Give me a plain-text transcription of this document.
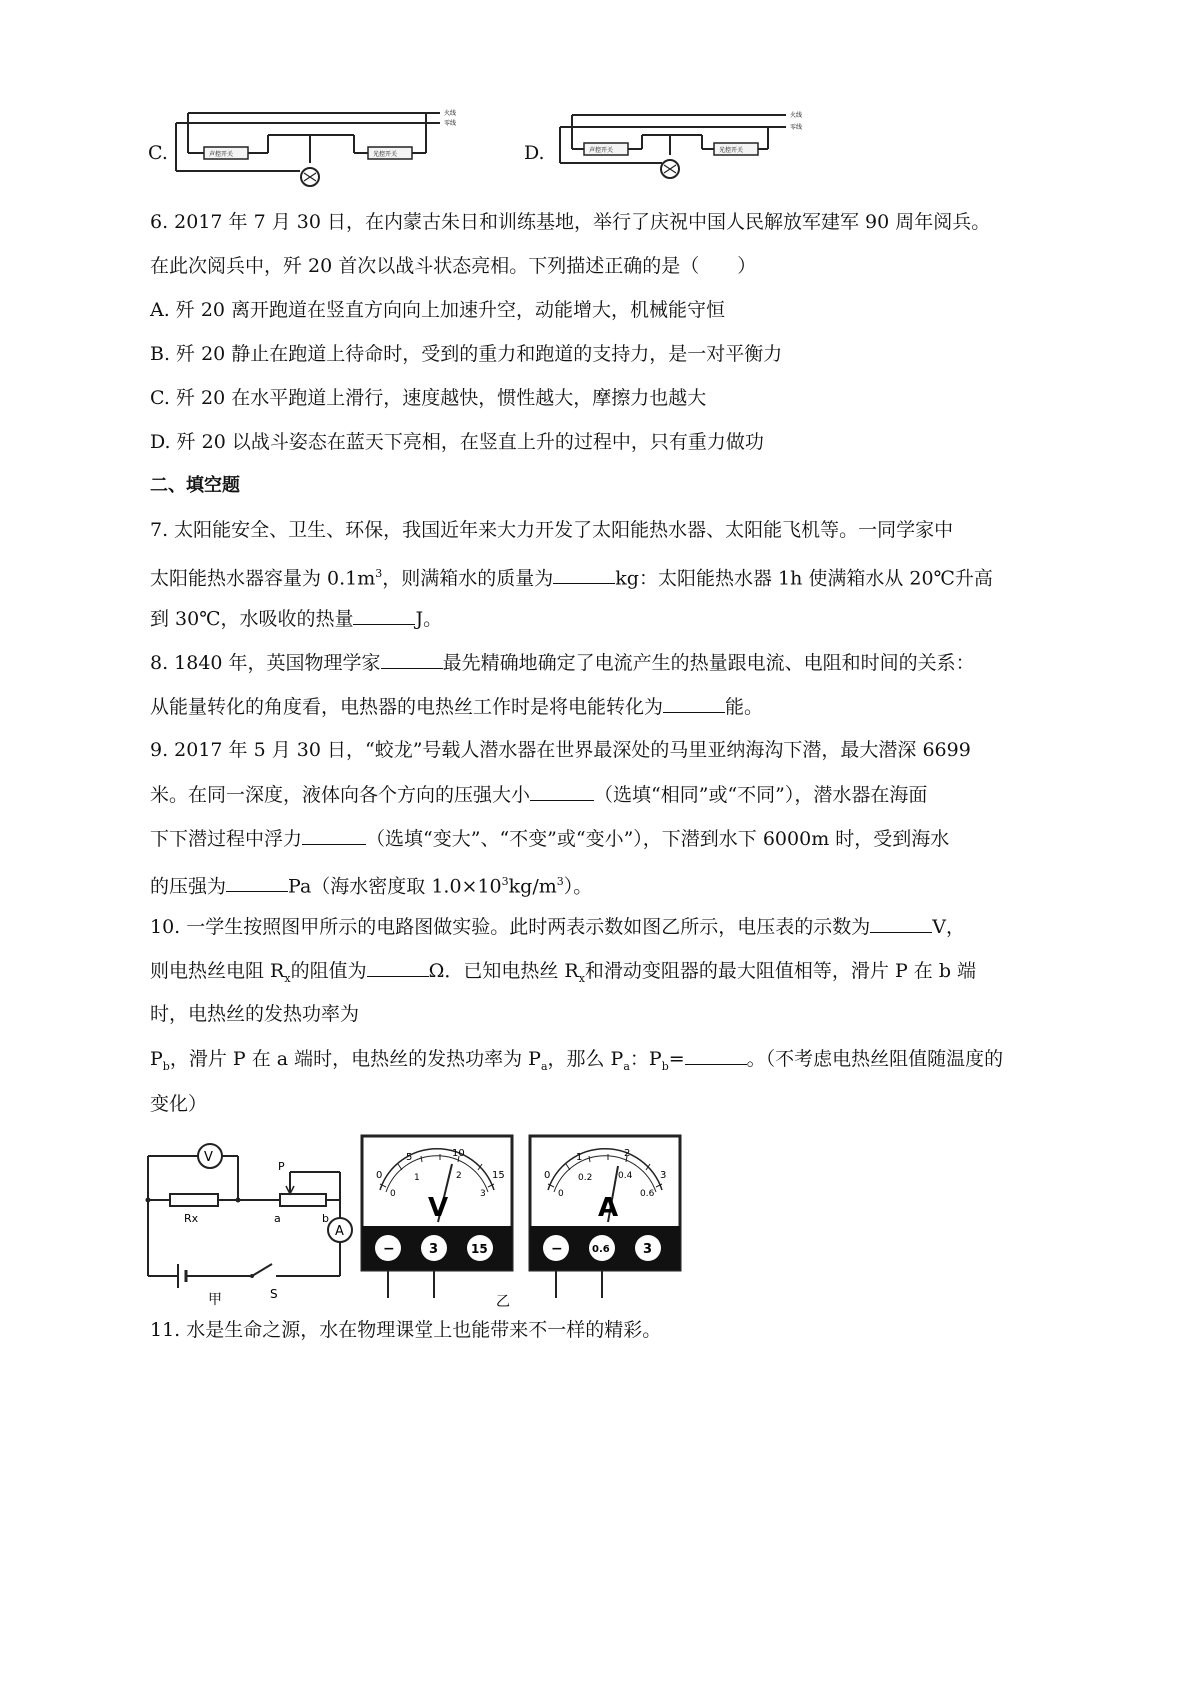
C.
火线
零线
声控开关	光控开关	D.
火线
零线
声控开关	光控开关
6. 2017 年 7 月 30 日，在内蒙古朱日和训练基地，举行了庆祝中国人民解放军建军 90 周年阅兵。
在此次阅兵中，歼 20 首次以战斗状态亮相。下列描述正确的是（　　）
A. 歼 20 离开跑道在竖直方向向上加速升空，动能增大，机械能守恒
B. 歼 20 静止在跑道上待命时，受到的重力和跑道的支持力，是一对平衡力
C. 歼 20 在水平跑道上滑行，速度越快，惯性越大，摩擦力也越大
D. 歼 20 以战斗姿态在蓝天下亮相，在竖直上升的过程中，只有重力做功
二、填空题
7. 太阳能安全、卫生、环保，我国近年来大力开发了太阳能热水器、太阳能飞机等。一同学家中
太阳能热水器容量为 $0.1m^3$，则满箱水的质量为	kg：太阳能热水器 1h 使满箱水从 20℃升高
到 30℃，水吸收的热量	J。
8. 1840 年，英国物理学家	最先精确地确定了电流产生的热量跟电流、电阻和时间的关系：
从能量转化的角度看，电热器的电热丝工作时是将电能转化为	能。
9. 2017 年 5 月 30 日，“蛟龙”号载人潜水器在世界最深处的马里亚纳海沟下潜，最大潜深 6699
米。在同一深度，液体向各个方向的压强大小	（选填“相同”或“不同”），潜水器在海面
下下潜过程中浮力	（选填“变大”、“不变”或“变小”），下潜到水下 6000m 时，受到海水
的压强为	Pa（海水密度取 $1.0\times 10^3kg/m^3$）。
10. 一学生按照图甲所示的电路图做实验。此时两表示数如图乙所示，电压表的示数为	V，
则电热丝电阻 $R_x$的阻值为	Ω．已知电热丝 $R_x$和滑动变阻器的最大阻值相等，滑片 P 在 b 端
时，电热丝的发热功率为
$P_b$，滑片 P 在 a 端时，电热丝的发热功率为 $P_a$，那么 $P_a$：$P_b=$	。（不考虑电热丝阻值随温度的
变化）
V
Rx
P
a	b
A
S
甲
0
5	10
15
0
1	2
3
V
−	3	15
乙
0
1	2
3
0
0.2	0.4
0.6
A
−	0.6	3
11. 水是生命之源，水在物理课堂上也能带来不一样的精彩。
